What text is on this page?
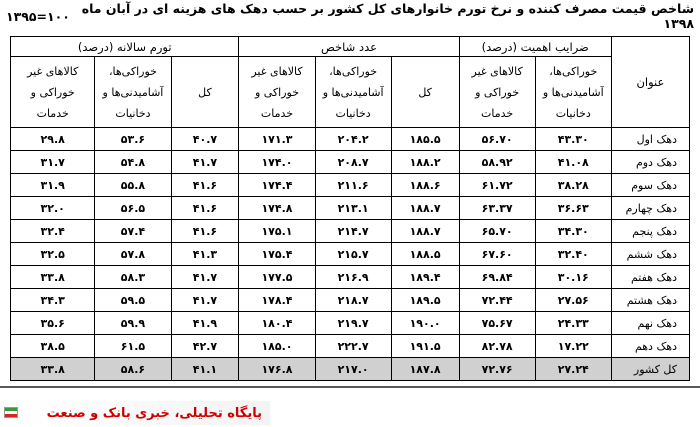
شاخص قیمت مصرف کننده و نرخ تورم خانوارهای کل کشور بر حسب دهک های هزینه ای در آبان ماه ۱۳۹۸
۱۳۹۵=۱۰۰
عنوان	ضرایب اهمیت (درصد)		عدد شاخص			تورم سالانه (درصد)		
	خوراکی‌ها،
آشامیدنی‌ها و
دخانیات	کالاهای غیر
خوراکی و
خدمات	کل	خوراکی‌ها،
آشامیدنی‌ها و
دخانیات	کالاهای غیر
خوراکی و
خدمات	کل	خوراکی‌ها،
آشامیدنی‌ها و
دخانیات	کالاهای غیر
خوراکی و
خدمات
دهک اول	۴۳.۳۰	۵۶.۷۰	۱۸۵.۵	۲۰۴.۲	۱۷۱.۳	۴۰.۷	۵۳.۶	۲۹.۸
دهک دوم	۴۱.۰۸	۵۸.۹۲	۱۸۸.۲	۲۰۸.۷	۱۷۴.۰	۴۱.۷	۵۴.۸	۳۱.۷
دهک سوم	۳۸.۲۸	۶۱.۷۲	۱۸۸.۶	۲۱۱.۶	۱۷۴.۴	۴۱.۶	۵۵.۸	۳۱.۹
دهک چهارم	۳۶.۶۳	۶۳.۳۷	۱۸۸.۷	۲۱۳.۱	۱۷۴.۸	۴۱.۶	۵۶.۵	۳۲.۰
دهک پنجم	۳۴.۳۰	۶۵.۷۰	۱۸۸.۷	۲۱۴.۷	۱۷۵.۱	۴۱.۶	۵۷.۴	۳۲.۴
دهک ششم	۳۲.۴۰	۶۷.۶۰	۱۸۸.۵	۲۱۵.۷	۱۷۵.۴	۴۱.۳	۵۷.۸	۳۲.۵
دهک هفتم	۳۰.۱۶	۶۹.۸۴	۱۸۹.۴	۲۱۶.۹	۱۷۷.۵	۴۱.۷	۵۸.۳	۳۳.۸
دهک هشتم	۲۷.۵۶	۷۲.۴۴	۱۸۹.۵	۲۱۸.۷	۱۷۸.۴	۴۱.۷	۵۹.۵	۳۴.۳
دهک نهم	۲۴.۳۳	۷۵.۶۷	۱۹۰.۰	۲۱۹.۷	۱۸۰.۴	۴۱.۹	۵۹.۹	۳۵.۶
دهک دهم	۱۷.۲۲	۸۲.۷۸	۱۹۱.۵	۲۲۲.۷	۱۸۵.۰	۴۲.۷	۶۱.۵	۳۸.۵
کل کشور	۲۷.۲۴	۷۲.۷۶	۱۸۷.۸	۲۱۷.۰	۱۷۶.۸	۴۱.۱	۵۸.۶	۳۳.۸
پایگاه تحلیلی، خبری بانک و صنعت
